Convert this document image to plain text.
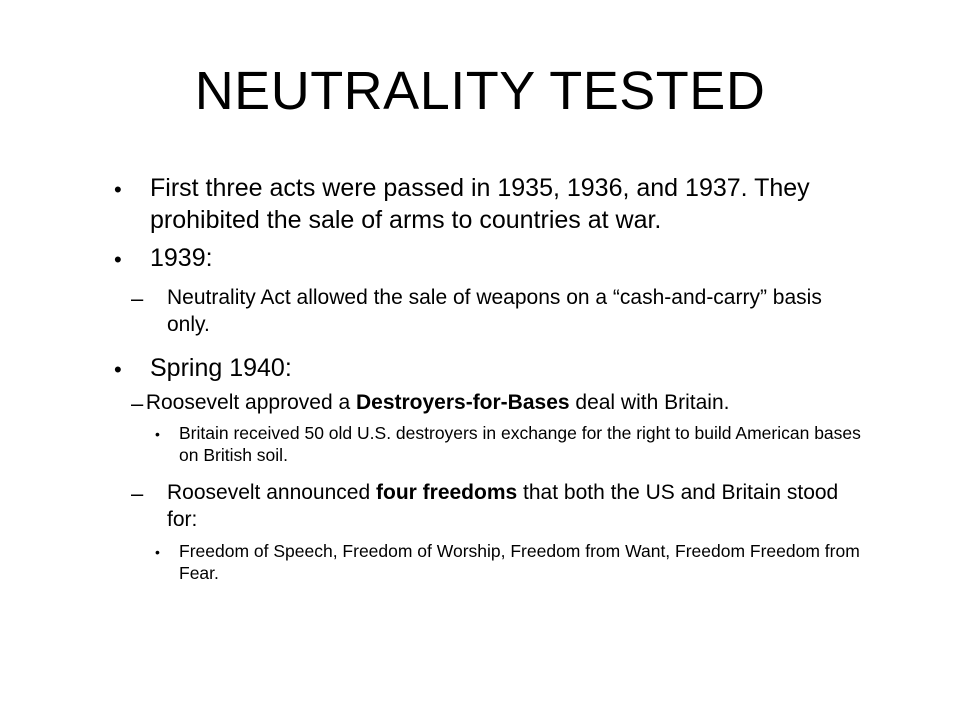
NEUTRALITY TESTED
• First three acts were passed in 1935, 1936, and 1937. They prohibited the sale of arms to countries at war.
• 1939:
– Neutrality Act allowed the sale of weapons on a “cash-and-carry” basis only.
• Spring 1940:
–
Roosevelt approved a Destroyers-for-Bases deal with Britain.
• Britain received 50 old U.S. destroyers in exchange for the right to build American bases on British soil.
– Roosevelt announced four freedoms that both the US and Britain stood for:
• Freedom of Speech, Freedom of Worship, Freedom from Want, Freedom Freedom from Fear.
